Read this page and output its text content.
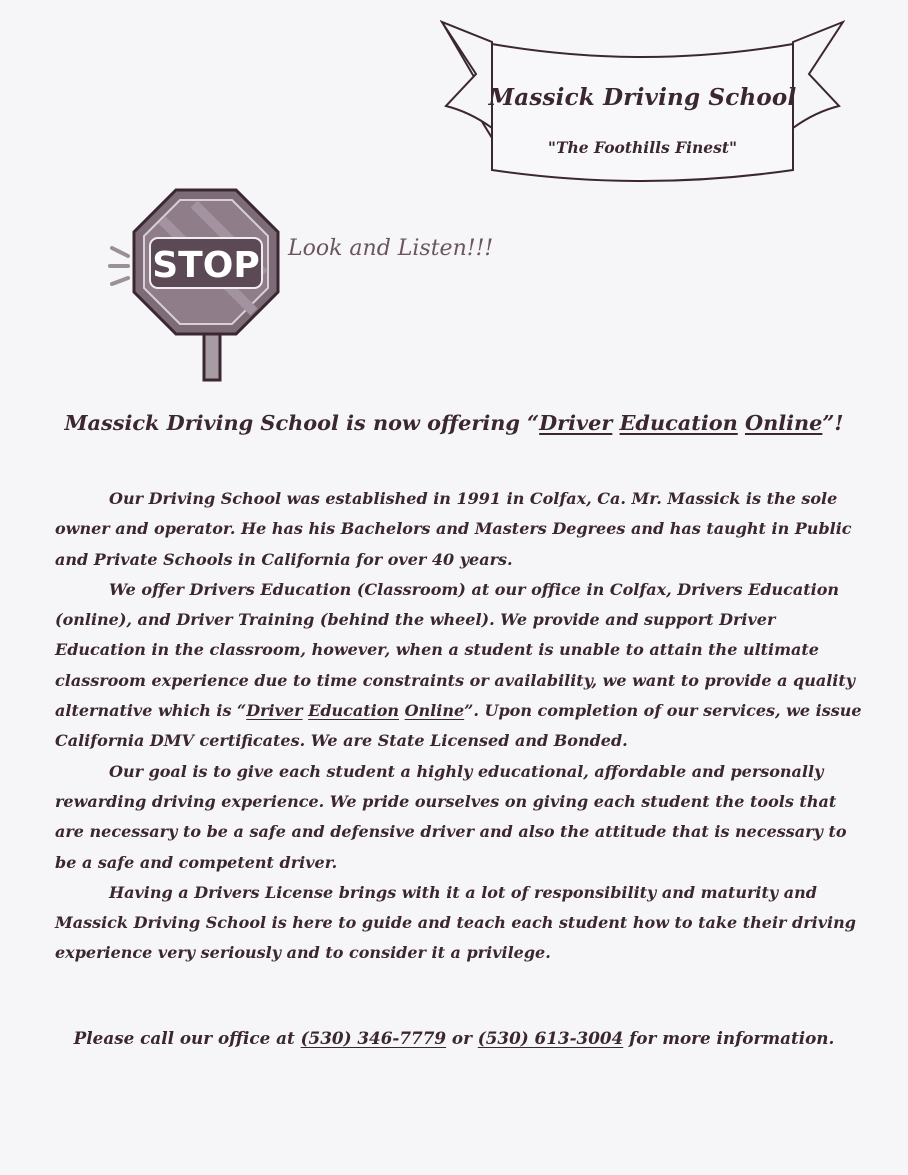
Massick Driving School
"The Foothills Finest"
STOP Look and Listen!!!
Massick Driving School is now offering “Driver Education Online”!

Our Driving School was established in 1991 in Colfax, Ca. Mr. Massick is the sole owner and operator. He has his Bachelors and Masters Degrees and has taught in Public and Private Schools in California for over 40 years.

We offer Drivers Education (Classroom) at our office in Colfax, Drivers Education (online), and Driver Training (behind the wheel). We provide and support Driver Education in the classroom, however, when a student is unable to attain the ultimate classroom experience due to time constraints or availability, we want to provide a quality alternative which is “Driver Education Online”. Upon completion of our services, we issue California DMV certificates. We are State Licensed and Bonded.

Our goal is to give each student a highly educational, affordable and personally rewarding driving experience. We pride ourselves on giving each student the tools that are necessary to be a safe and defensive driver and also the attitude that is necessary to be a safe and competent driver.

Having a Drivers License brings with it a lot of responsibility and maturity and Massick Driving School is here to guide and teach each student how to take their driving experience very seriously and to consider it a privilege.

Please call our office at (530) 346-7779 or (530) 613-3004 for more information.
